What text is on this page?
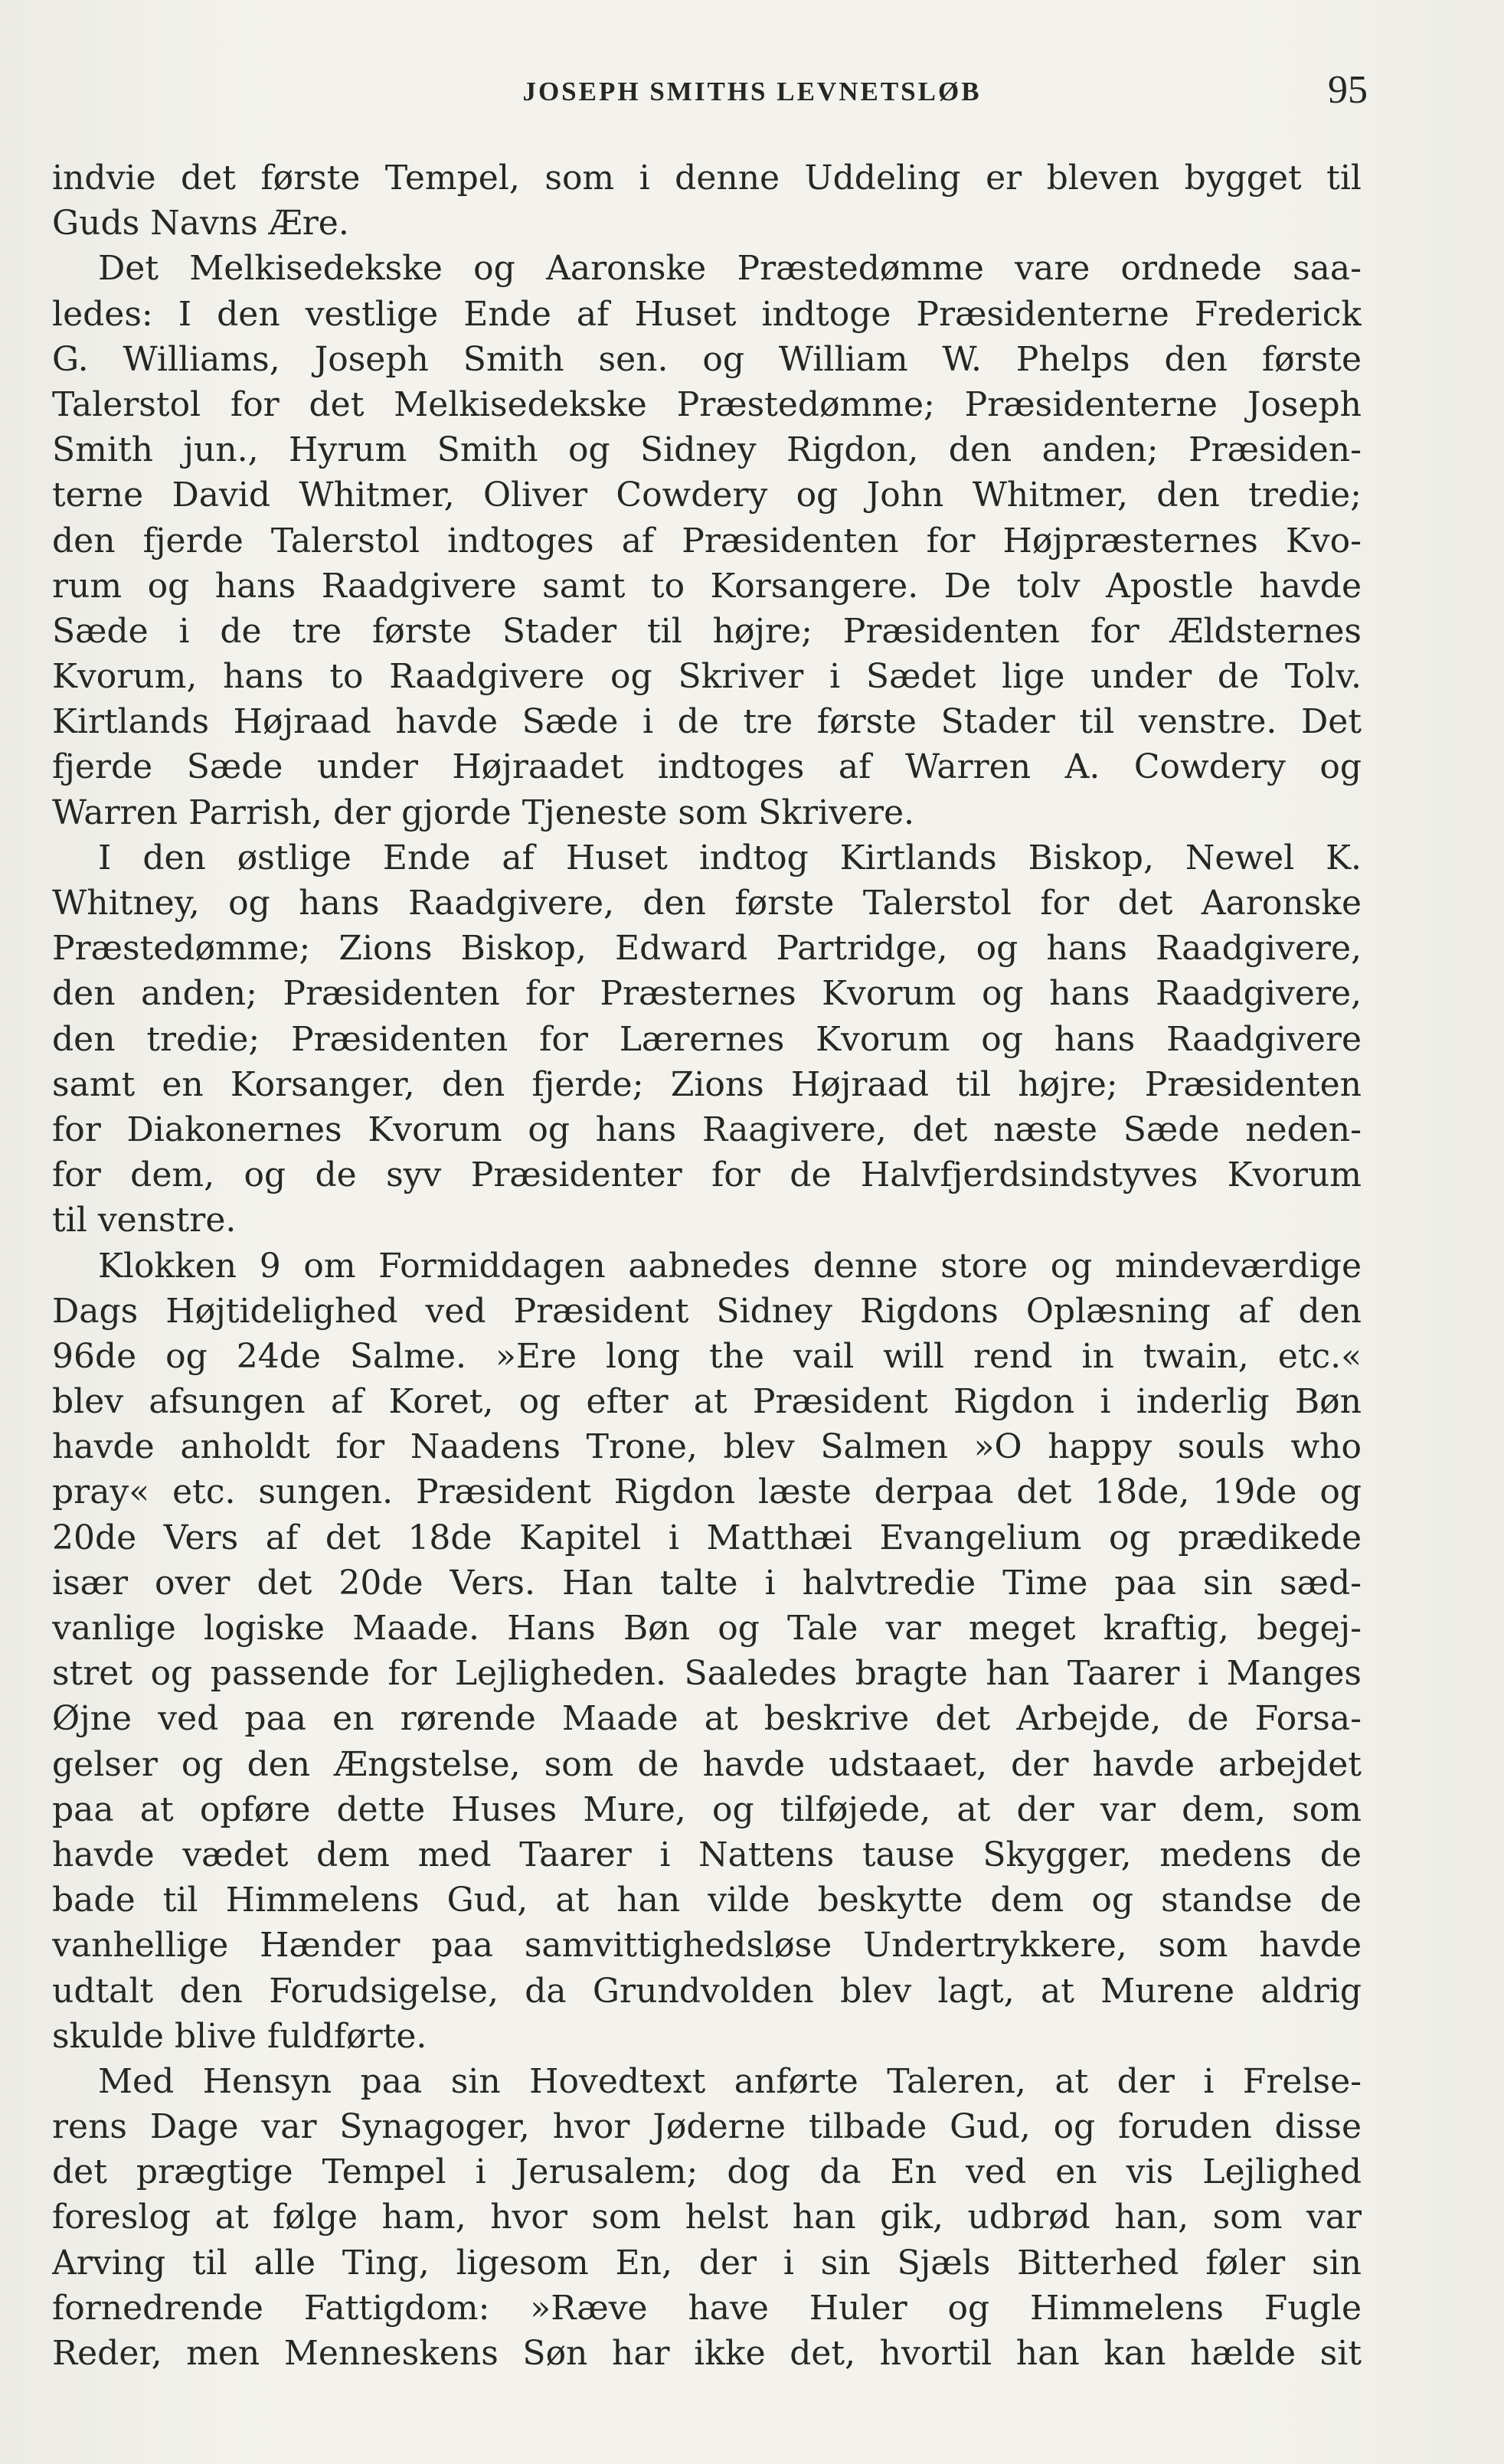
JOSEPH SMITHS LEVNETSLØB	95
indvie det første Tempel, som i denne Uddeling er bleven bygget til
Guds Navns Ære.
Det Melkisedekske og Aaronske Præstedømme vare ordnede saa-
ledes: I den vestlige Ende af Huset indtoge Præsidenterne Frederick
G. Williams, Joseph Smith sen. og William W. Phelps den første
Talerstol for det Melkisedekske Præstedømme; Præsidenterne Joseph
Smith jun., Hyrum Smith og Sidney Rigdon, den anden; Præsiden-
terne David Whitmer, Oliver Cowdery og John Whitmer, den tredie;
den fjerde Talerstol indtoges af Præsidenten for Højpræsternes Kvo-
rum og hans Raadgivere samt to Korsangere. De tolv Apostle havde
Sæde i de tre første Stader til højre; Præsidenten for Ældsternes
Kvorum, hans to Raadgivere og Skriver i Sædet lige under de Tolv.
Kirtlands Højraad havde Sæde i de tre første Stader til venstre. Det
fjerde Sæde under Højraadet indtoges af Warren A. Cowdery og
Warren Parrish, der gjorde Tjeneste som Skrivere.
I den østlige Ende af Huset indtog Kirtlands Biskop, Newel K.
Whitney, og hans Raadgivere, den første Talerstol for det Aaronske
Præstedømme; Zions Biskop, Edward Partridge, og hans Raadgivere,
den anden; Præsidenten for Præsternes Kvorum og hans Raadgivere,
den tredie; Præsidenten for Lærernes Kvorum og hans Raadgivere
samt en Korsanger, den fjerde; Zions Højraad til højre; Præsidenten
for Diakonernes Kvorum og hans Raagivere, det næste Sæde neden-
for dem, og de syv Præsidenter for de Halvfjerdsindstyves Kvorum
til venstre.
Klokken 9 om Formiddagen aabnedes denne store og mindeværdige
Dags Højtidelighed ved Præsident Sidney Rigdons Oplæsning af den
96de og 24de Salme. »Ere long the vail will rend in twain, etc.«
blev afsungen af Koret, og efter at Præsident Rigdon i inderlig Bøn
havde anholdt for Naadens Trone, blev Salmen »O happy souls who
pray« etc. sungen. Præsident Rigdon læste derpaa det 18de, 19de og
20de Vers af det 18de Kapitel i Matthæi Evangelium og prædikede
især over det 20de Vers. Han talte i halvtredie Time paa sin sæd-
vanlige logiske Maade. Hans Bøn og Tale var meget kraftig, begej-
stret og passende for Lejligheden. Saaledes bragte han Taarer i Manges
Øjne ved paa en rørende Maade at beskrive det Arbejde, de Forsa-
gelser og den Ængstelse, som de havde udstaaet, der havde arbejdet
paa at opføre dette Huses Mure, og tilføjede, at der var dem, som
havde vædet dem med Taarer i Nattens tause Skygger, medens de
bade til Himmelens Gud, at han vilde beskytte dem og standse de
vanhellige Hænder paa samvittighedsløse Undertrykkere, som havde
udtalt den Forudsigelse, da Grundvolden blev lagt, at Murene aldrig
skulde blive fuldførte.
Med Hensyn paa sin Hovedtext anførte Taleren, at der i Frelse-
rens Dage var Synagoger, hvor Jøderne tilbade Gud, og foruden disse
det prægtige Tempel i Jerusalem; dog da En ved en vis Lejlighed
foreslog at følge ham, hvor som helst han gik, udbrød han, som var
Arving til alle Ting, ligesom En, der i sin Sjæls Bitterhed føler sin
fornedrende Fattigdom: »Ræve have Huler og Himmelens Fugle
Reder, men Menneskens Søn har ikke det, hvortil han kan hælde sit
